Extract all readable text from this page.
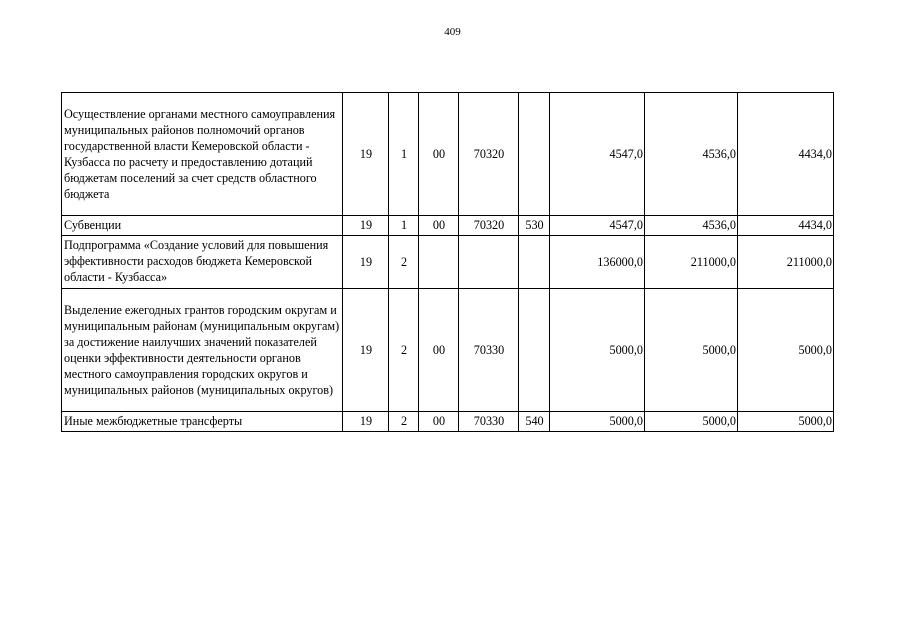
409
Осуществление органами местного самоуправления муниципальных районов полномочий органов государственной власти Кемеровской области - Кузбасса по расчету и предоставлению дотаций бюджетам поселений за счет средств областного бюджета	19	1	00	70320		4547,0	4536,0	4434,0
Субвенции	19	1	00	70320	530	4547,0	4536,0	4434,0
Подпрограмма «Создание условий для повышения эффективности расходов бюджета Кемеровской области - Кузбасса»	19	2				136000,0	211000,0	211000,0
Выделение ежегодных грантов городским округам и муниципальным районам (муниципальным округам) за достижение наилучших значений показателей оценки эффективности деятельности органов местного самоуправления городских округов и муниципальных районов (муниципальных округов)	19	2	00	70330		5000,0	5000,0	5000,0
Иные межбюджетные трансферты	19	2	00	70330	540	5000,0	5000,0	5000,0
